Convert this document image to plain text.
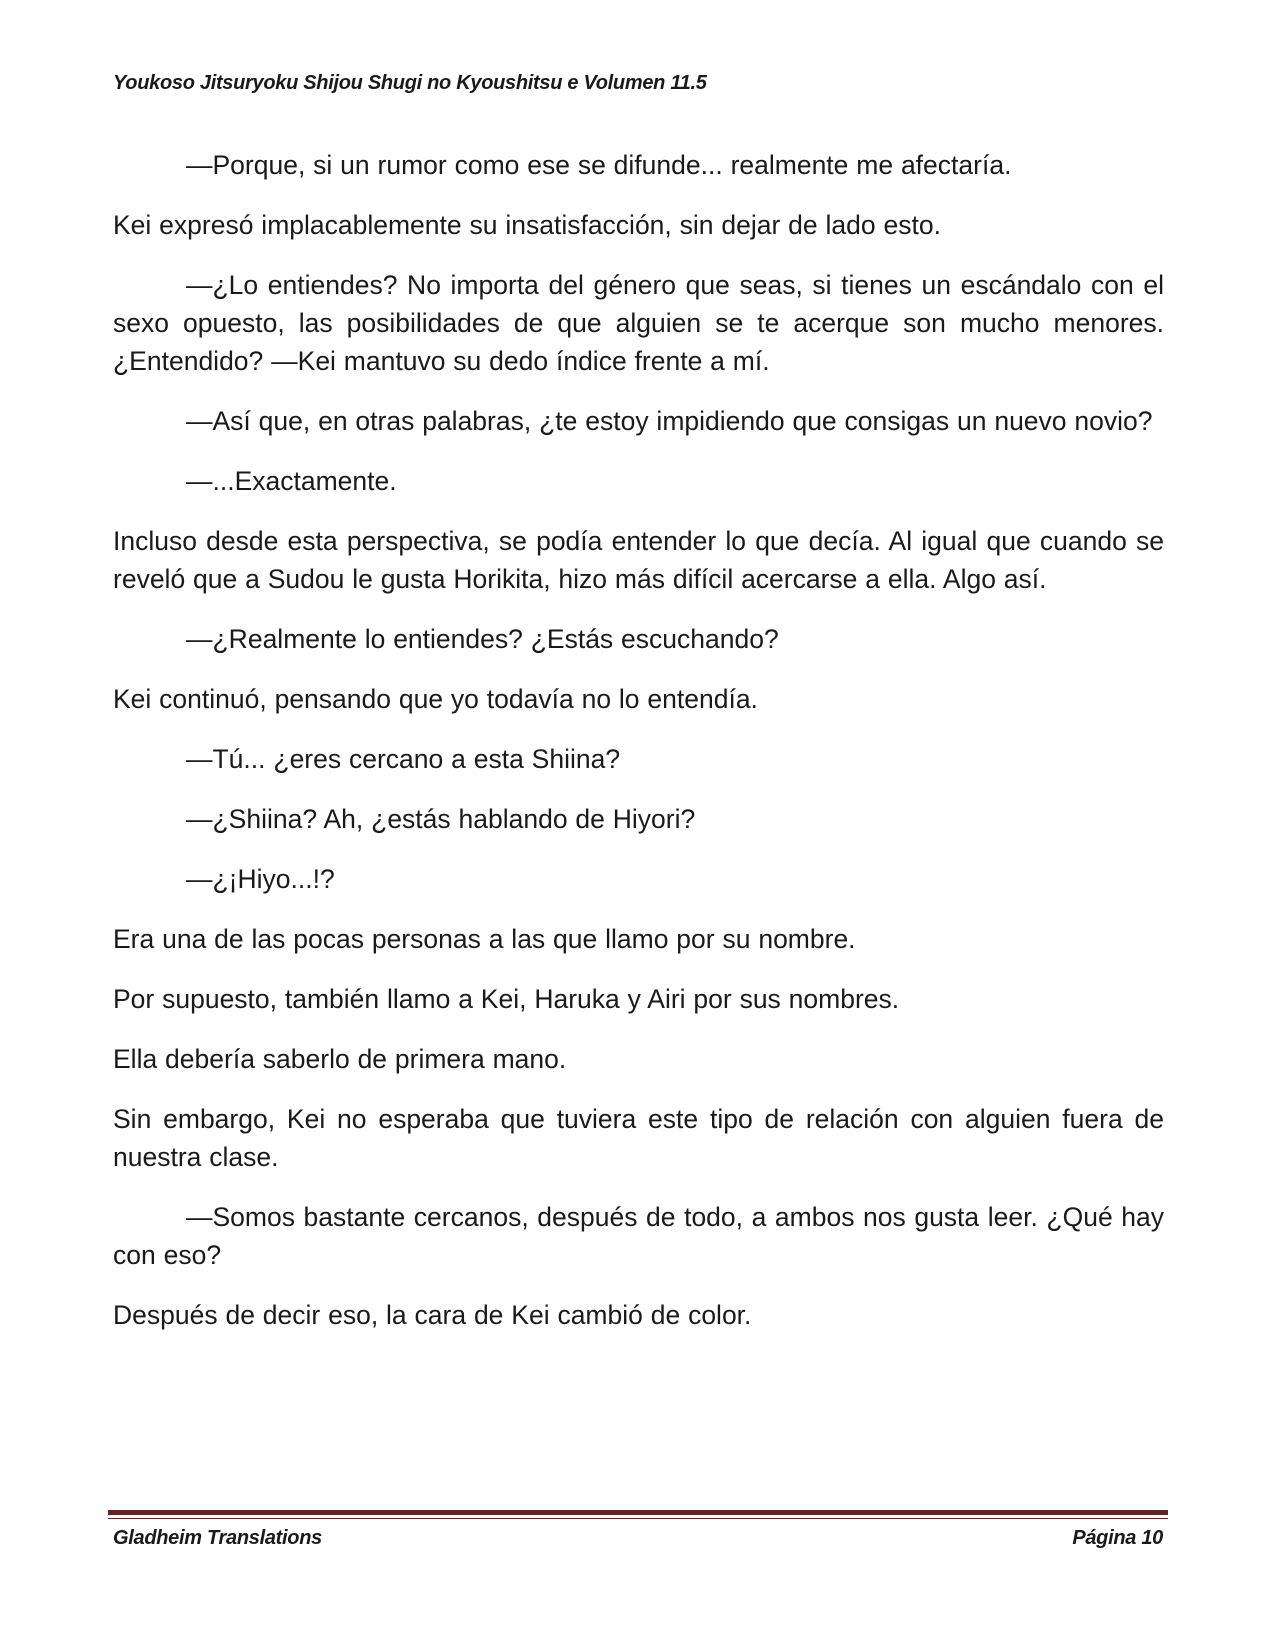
Youkoso Jitsuryoku Shijou Shugi no Kyoushitsu e Volumen 11.5

—Porque, si un rumor como ese se difunde... realmente me afectaría.

Kei expresó implacablemente su insatisfacción, sin dejar de lado esto.

—¿Lo entiendes? No importa del género que seas, si tienes un escándalo con el sexo opuesto, las posibilidades de que alguien se te acerque son mucho menores. ¿Entendido? —Kei mantuvo su dedo índice frente a mí.

—Así que, en otras palabras, ¿te estoy impidiendo que consigas un nuevo novio?

—...Exactamente.

Incluso desde esta perspectiva, se podía entender lo que decía. Al igual que cuando se reveló que a Sudou le gusta Horikita, hizo más difícil acercarse a ella. Algo así.

—¿Realmente lo entiendes? ¿Estás escuchando?

Kei continuó, pensando que yo todavía no lo entendía.

—Tú... ¿eres cercano a esta Shiina?

—¿Shiina? Ah, ¿estás hablando de Hiyori?

—¿¡Hiyo...!?

Era una de las pocas personas a las que llamo por su nombre.

Por supuesto, también llamo a Kei, Haruka y Airi por sus nombres.

Ella debería saberlo de primera mano.

Sin embargo, Kei no esperaba que tuviera este tipo de relación con alguien fuera de nuestra clase.

—Somos bastante cercanos, después de todo, a ambos nos gusta leer. ¿Qué hay con eso?

Después de decir eso, la cara de Kei cambió de color.

Gladheim Translations	Página 10
